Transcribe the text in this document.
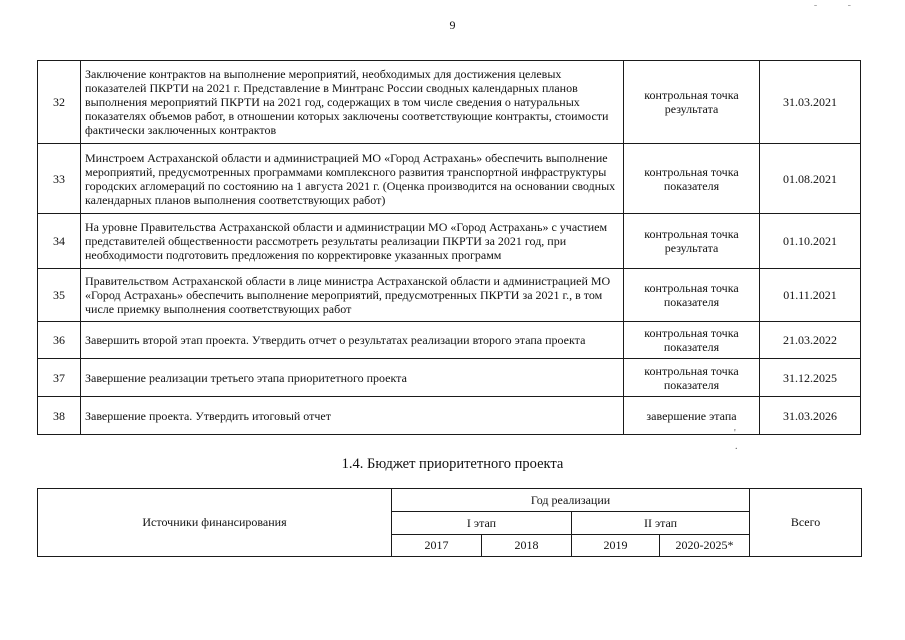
9
- -
32	Заключение контрактов на выполнение мероприятий, необходимых для достижения целевых показателей ПКРТИ на 2021 г. Представление в Минтранс России сводных календарных планов выполнения мероприятий ПКРТИ на 2021 год, содержащих в том числе сведения о натуральных показателях объемов работ, в отношении которых заключены соответствующие контракты, стоимости фактически заключенных контрактов	контрольная точка результата	31.03.2021
33	Минстроем Астраханской области и администрацией МО «Город Астрахань» обеспечить выполнение мероприятий, предусмотренных программами комплексного развития транспортной инфраструктуры городских агломераций по состоянию на 1 августа 2021 г. (Оценка производится на основании сводных календарных планов выполнения соответствующих работ)	контрольная точка показателя	01.08.2021
34	На уровне Правительства Астраханской области и администрации МО «Город Астрахань» с участием представителей общественности рассмотреть результаты реализации ПКРТИ за 2021 год, при необходимости подготовить предложения по корректировке указанных программ	контрольная точка результата	01.10.2021
35	Правительством Астраханской области в лице министра Астраханской области и администрацией МО «Город Астрахань» обеспечить выполнение мероприятий, предусмотренных ПКРТИ за 2021 г., в том числе приемку выполнения соответствующих работ	контрольная точка показателя	01.11.2021
36	Завершить второй этап проекта. Утвердить отчет о результатах реализации второго этапа проекта	контрольная точка показателя	21.03.2022
37	Завершение реализации третьего этапа приоритетного проекта	контрольная точка показателя	31.12.2025
38	Завершение проекта. Утвердить итоговый отчет	завершение этапа	31.03.2026
'
.
1.4. Бюджет приоритетного проекта
Источники финансирования	Год реализации				Всего
	I этап		II этап		
	2017	2018	2019	2020-2025*	
